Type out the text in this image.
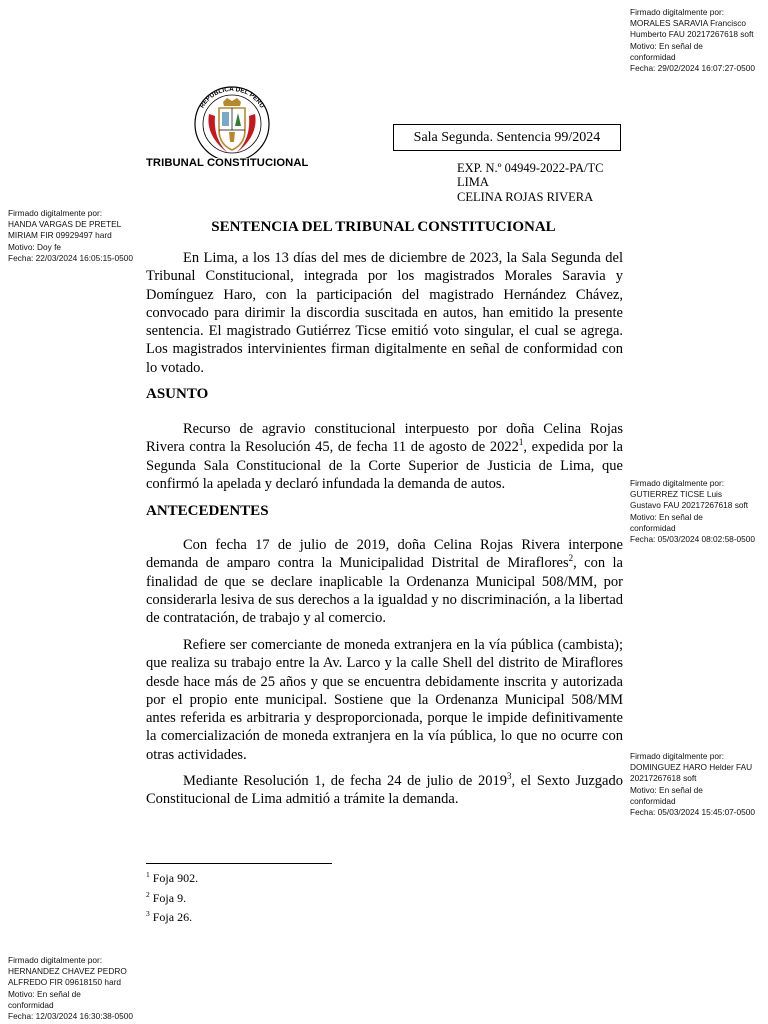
Firmado digitalmente por:
MORALES SARAVIA Francisco
Humberto FAU 20217267618 soft
Motivo: En señal de
conformidad
Fecha: 29/02/2024 16:07:27-0500
Firmado digitalmente por:
HANDA VARGAS DE PRETEL
MIRIAM FIR 09929497 hard
Motivo: Doy fe
Fecha: 22/03/2024 16:05:15-0500
Firmado digitalmente por:
GUTIERREZ TICSE Luis
Gustavo FAU 20217267618 soft
Motivo: En señal de
conformidad
Fecha: 05/03/2024 08:02:58-0500
Firmado digitalmente por:
DOMINGUEZ HARO Helder FAU
20217267618 soft
Motivo: En señal de
conformidad
Fecha: 05/03/2024 15:45:07-0500
Firmado digitalmente por:
HERNANDEZ CHAVEZ PEDRO
ALFREDO FIR 09618150 hard
Motivo: En señal de
conformidad
Fecha: 12/03/2024 16:30:38-0500
REPUBLICA DEL PERU
TRIBUNAL CONSTITUCIONAL
Sala Segunda. Sentencia 99/2024
EXP. N.º 04949-2022-PA/TC
LIMA
CELINA ROJAS RIVERA
SENTENCIA DEL TRIBUNAL CONSTITUCIONAL

En Lima, a los 13 días del mes de diciembre de 2023, la Sala Segunda del Tribunal Constitucional, integrada por los magistrados Morales Saravia y Domínguez Haro, con la participación del magistrado Hernández Chávez, convocado para dirimir la discordia suscitada en autos, han emitido la presente sentencia. El magistrado Gutiérrez Ticse emitió voto singular, el cual se agrega. Los magistrados intervinientes firman digitalmente en señal de conformidad con lo votado.

ASUNTO

Recurso de agravio constitucional interpuesto por doña Celina Rojas Rivera contra la Resolución 45, de fecha 11 de agosto de 2022$^1$, expedida por la Segunda Sala Constitucional de la Corte Superior de Justicia de Lima, que confirmó la apelada y declaró infundada la demanda de autos.

ANTECEDENTES

Con fecha 17 de julio de 2019, doña Celina Rojas Rivera interpone demanda de amparo contra la Municipalidad Distrital de Miraflores$^2$, con la finalidad de que se declare inaplicable la Ordenanza Municipal 508/MM, por considerarla lesiva de sus derechos a la igualdad y no discriminación, a la libertad de contratación, de trabajo y al comercio.

Refiere ser comerciante de moneda extranjera en la vía pública (cambista); que realiza su trabajo entre la Av. Larco y la calle Shell del distrito de Miraflores desde hace más de 25 años y que se encuentra debidamente inscrita y autorizada por el propio ente municipal. Sostiene que la Ordenanza Municipal 508/MM antes referida es arbitraria y desproporcionada, porque le impide definitivamente la comercialización de moneda extranjera en la vía pública, lo que no ocurre con otras actividades.

Mediante Resolución 1, de fecha 24 de julio de 2019$^3$, el Sexto Juzgado Constitucional de Lima admitió a trámite la demanda.

$^1$ Foja 902.
$^2$ Foja 9.
$^3$ Foja 26.
